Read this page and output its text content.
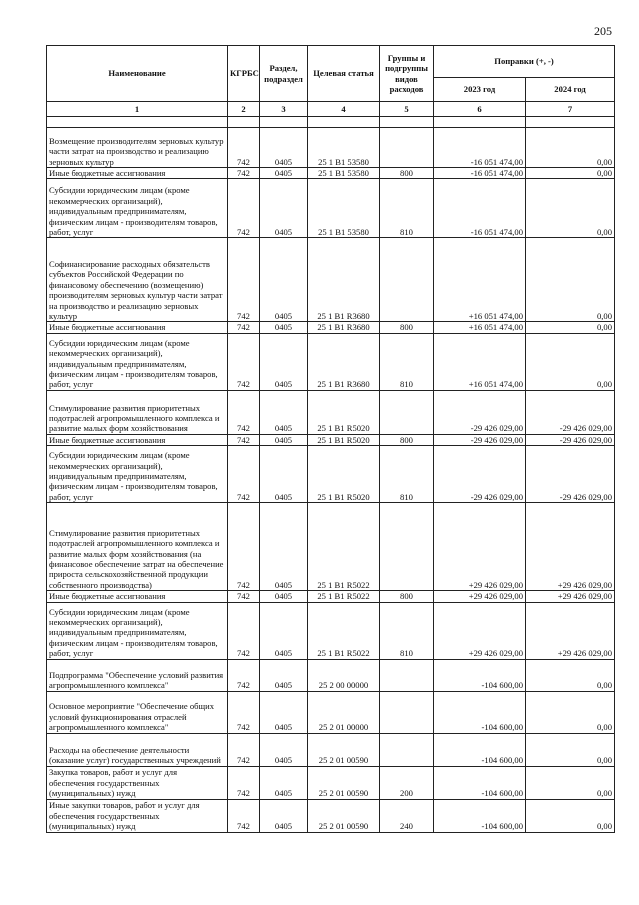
205
Наименование	КГРБС	Раздел, подраздел	Целевая статья	Группы и подгруппы видов расходов	Поправки (+, -)	
					2023 год	2024 год
1	2	3	4	5	6	7

Возмещение производителям зерновых культур части затрат на производство и реализацию зерновых культур	742	0405	25 1 В1 53580		-16 051 474,00	0,00
Иные бюджетные ассигнования	742	0405	25 1 В1 53580	800	-16 051 474,00	0,00
Субсидии юридическим лицам (кроме некоммерческих организаций), индивидуальным предпринимателям, физическим лицам - производителям товаров, работ, услуг	742	0405	25 1 В1 53580	810	-16 051 474,00	0,00
Софинансирование расходных обязательств субъектов Российской Федерации по финансовому обеспечению (возмещению) производителям зерновых культур части затрат на производство и реализацию зерновых культур	742	0405	25 1 В1 R3680		+16 051 474,00	0,00
Иные бюджетные ассигнования	742	0405	25 1 В1 R3680	800	+16 051 474,00	0,00
Субсидии юридическим лицам (кроме некоммерческих организаций), индивидуальным предпринимателям, физическим лицам - производителям товаров, работ, услуг	742	0405	25 1 В1 R3680	810	+16 051 474,00	0,00
Стимулирование развития приоритетных подотраслей агропромышленного комплекса и развитие малых форм хозяйствования	742	0405	25 1 В1 R5020		-29 426 029,00	-29 426 029,00
Иные бюджетные ассигнования	742	0405	25 1 В1 R5020	800	-29 426 029,00	-29 426 029,00
Субсидии юридическим лицам (кроме некоммерческих организаций), индивидуальным предпринимателям, физическим лицам - производителям товаров, работ, услуг	742	0405	25 1 В1 R5020	810	-29 426 029,00	-29 426 029,00
Стимулирование развития приоритетных подотраслей агропромышленного комплекса и развитие малых форм хозяйствования (на финансовое обеспечение затрат на обеспечение прироста сельскохозяйственной продукции собственного производства)	742	0405	25 1 В1 R5022		+29 426 029,00	+29 426 029,00
Иные бюджетные ассигнования	742	0405	25 1 В1 R5022	800	+29 426 029,00	+29 426 029,00
Субсидии юридическим лицам (кроме некоммерческих организаций), индивидуальным предпринимателям, физическим лицам - производителям товаров, работ, услуг	742	0405	25 1 В1 R5022	810	+29 426 029,00	+29 426 029,00
Подпрограмма "Обеспечение условий развития агропромышленного комплекса"	742	0405	25 2 00 00000		-104 600,00	0,00
Основное мероприятие "Обеспечение общих условий функционирования отраслей агропромышленного комплекса"	742	0405	25 2 01 00000		-104 600,00	0,00
Расходы на обеспечение деятельности (оказание услуг) государственных учреждений	742	0405	25 2 01 00590		-104 600,00	0,00
Закупка товаров, работ и услуг для обеспечения государственных (муниципальных) нужд	742	0405	25 2 01 00590	200	-104 600,00	0,00
Иные закупки товаров, работ и услуг для обеспечения государственных (муниципальных) нужд	742	0405	25 2 01 00590	240	-104 600,00	0,00
